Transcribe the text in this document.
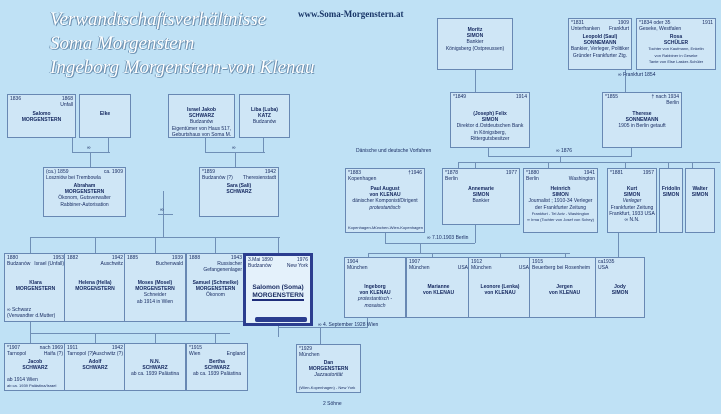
Verwandtschaftsverhältnisse
Soma Morgenstern
Ingeborg Morgenstern-von Klenau
www.Soma-Morgenstern.at
∞	∞
∞
∞ Frankfurt 1854
∞ 1876
Dänische und deutsche Vorfahren
∞ 7.10.1903 Berlin
∞ 4. September 1928 Wien
2 Söhne
Moritz
SIMON
Bankier
Königsberg (Ostpreussen)
*1831	1909
Unterfranken Frankfurt
Leopold (Saul)
SONNEMANN
Bankier, Verleger, Politiker
Gründer Frankfurter Ztg.
*1834 oder 35	1911
Geseke, Westfalen
Rosa
SCHÜLER
Tochter von Kaufmann, Enkelin
von Rabbiner in Geseke
Tante von Else Lasker-Schüler
1836	1868
Unfall
Salomo
MORGENSTERN
Elke
Israel Jakob
SCHWARZ
Budzanów
Eigentümer von Haus 517,
Geburtshaus von Soma M.
Liba (Luba)
KATZ
Budzanów
*1849	1914
(Joseph) Felix
SIMON
Direktor d.Ostdeutschen Bank
in Königsberg,
Rittergutsbesitzer
*1855	† nach 1934
Berlin
Therese
SONNEMANN
1905 in Berlin getauft
(ca.) 1859	ca. 1909
Loszniów bei Trembowla
Abraham
MORGENSTERN
Ökonom, Gutsverwalter
Rabbiner-Autorisation
*1859	1942
Budzanów (?) Theresienstadt
Sara (Sali)
SCHWARZ
*1883	†1946
Kopenhagen
Paul August
von KLENAU
dänischer Komponist/Dirigent
protestantisch
Kopenhagen-München-Wien-Kopenhagen
*1878	1977
Berlin
Annemarie
SIMON
Bankier
*1880	1941
Berlin	Washington
Heinrich
SIMON
Journalist ; 1910-34 Verleger
der Frankfurter Zeitung
Frankfurt - Tel Aviv - Washington
∞ Irma (Tochter von Josef von Schey)
*1881	1957
Kurt
SIMON
Verleger
Frankfurter Zeitung
Frankfurt, 1933 USA
∞ N.N.
Fridolin
SIMON
Walter
SIMON
1880	1953
Budzanów Israel (Unfall)
Klara
MORGENSTERN
∞ Schwarz
(Verwandter d.Mutter)
1882	1942
Auschwitz
Helena (Hella)
MORGENSTERN
1885	1939
Buchenwald
Moses (Mosel)
MORGENSTERN
Schneider
ab 1914 in Wien
1888	1943
Russischer
Gefangenenlager
Samuel (Schmelke)
MORGENSTERN
Ökonom
3.Mai 1890	1976
Budzanów	New York
Salomon (Soma)
MORGENSTERN
1904
München
Ingeborg
von KLENAU
protestantisch -
mosaisch
1907
München	USA
Marianne
von KLENAU
1912
München	USA
Leonore (Lenka)
von KLENAU
1915
Beuerberg bei Rosenheim
Jergen
von KLENAU
ca1935
USA
Jody
SIMON
*1907	nach 1969
Tarnopol	Haifa (?)
Jacob
SCHWARZ
ab 1914 Wien
ab ca. 1939 Palästina/Israel
1911	1942
Tarnopol (?) Auschwitz (?)
Adolf
SCHWARZ
N.N.
SCHWARZ
ab ca. 1939 Palästina
*1915
Wien	England
Bertha
SCHWARZ
ab ca. 1939 Palästina
*1929
München
Dan
MORGENSTERN
Jazzautorität
(Wien-Kopenhagen) - New York
